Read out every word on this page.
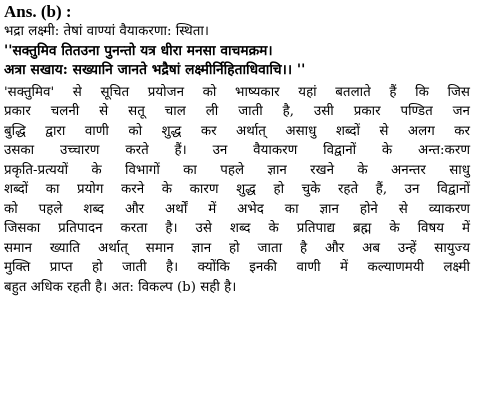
Ans. (b) :

भद्रा लक्ष्मी: तेषां वाण्यां वैयाकरणा: स्थिता।

''सक्तुमिव तितउना पुनन्तो यत्र धीरा मनसा वाचमक्रम।

अत्रा सखाय: सख्यानि जानते भद्रैषां लक्ष्मीर्निहिताधिवाचि।। ''

'सक्तुमिव' से सूचित प्रयोजन को भाष्यकार यहां बतलाते हैं कि जिस
प्रकार चलनी से सतू चाल ली जाती है, उसी प्रकार पण्डित जन
बुद्धि द्वारा वाणी को शुद्ध कर अर्थात् असाधु शब्दों से अलग कर
उसका उच्चारण करते हैं। उन वैयाकरण विद्वानों के अन्त:करण
प्रकृति-प्रत्ययों के विभागों का पहले ज्ञान रखने के अनन्तर साधु
शब्दों का प्रयोग करने के कारण शुद्ध हो चुके रहते हैं, उन विद्वानों
को पहले शब्द और अर्थों में अभेद का ज्ञान होने से व्याकरण
जिसका प्रतिपादन करता है। उसे शब्द के प्रतिपाद्य ब्रह्म के विषय में
समान ख्याति अर्थात् समान ज्ञान हो जाता है और अब उन्हें सायुज्य
मुक्ति प्राप्त हो जाती है। क्योंकि इनकी वाणी में कल्याणमयी लक्ष्मी
बहुत अधिक रहती है। अत: विकल्प (b) सही है।
